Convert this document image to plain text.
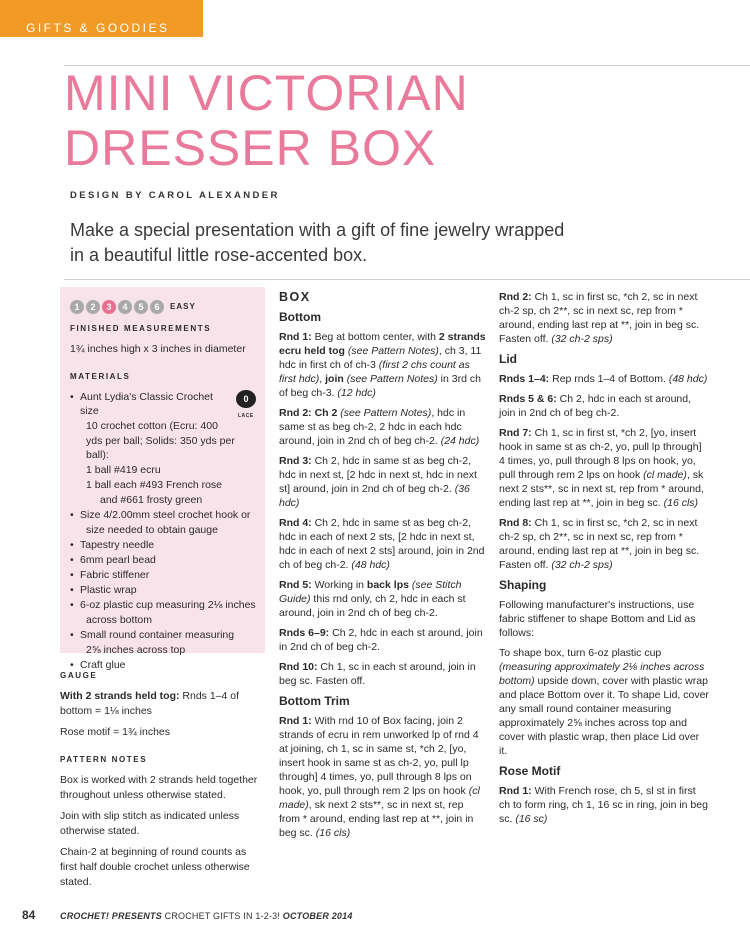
GIFTS & GOODIES
MINI VICTORIAN
DRESSER BOX
DESIGN BY CAROL ALEXANDER
Make a special presentation with a gift of fine jewelry wrapped
in a beautiful little rose-accented box.
1	2	3	4	5	6	EASY
FINISHED MEASUREMENTS
1¾ inches high x 3 inches in diameter
MATERIALS
0
LACE
• Aunt Lydia's Classic Crochet size
10 crochet cotton (Ecru: 400
yds per ball; Solids: 350 yds per ball):
1 ball #419 ecru
1 ball each #493 French rose
and #661 frosty green
• Size 4/2.00mm steel crochet hook or
size needed to obtain gauge
• Tapestry needle
• 6mm pearl bead
• Fabric stiffener
• Plastic wrap
• 6-oz plastic cup measuring 2⅛ inches
across bottom
• Small round container measuring
2⅝ inches across top
• Craft glue
GAUGE

With 2 strands held tog: Rnds 1–4 of bottom = 1⅛ inches

Rose motif = 1¾ inches

PATTERN NOTES

Box is worked with 2 strands held together throughout unless otherwise stated.

Join with slip stitch as indicated unless otherwise stated.

Chain-2 at beginning of round counts as first half double crochet unless otherwise stated.

BOX
Bottom

Rnd 1: Beg at bottom center, with 2 strands ecru held tog (see Pattern Notes), ch 3, 11 hdc in first ch of ch-3 (first 2 chs count as first hdc), join (see Pattern Notes) in 3rd ch of beg ch-3. (12 hdc)

Rnd 2: Ch 2 (see Pattern Notes), hdc in same st as beg ch-2, 2 hdc in each hdc around, join in 2nd ch of beg ch-2. (24 hdc)

Rnd 3: Ch 2, hdc in same st as beg ch-2, hdc in next st, [2 hdc in next st, hdc in next st] around, join in 2nd ch of beg ch-2. (36 hdc)

Rnd 4: Ch 2, hdc in same st as beg ch-2, hdc in each of next 2 sts, [2 hdc in next st, hdc in each of next 2 sts] around, join in 2nd ch of beg ch-2. (48 hdc)

Rnd 5: Working in back lps (see Stitch Guide) this rnd only, ch 2, hdc in each st around, join in 2nd ch of beg ch-2.

Rnds 6–9: Ch 2, hdc in each st around, join in 2nd ch of beg ch-2.

Rnd 10: Ch 1, sc in each st around, join in beg sc. Fasten off.

Bottom Trim

Rnd 1: With rnd 10 of Box facing, join 2 strands of ecru in rem unworked lp of rnd 4 at joining, ch 1, sc in same st, *ch 2, [yo, insert hook in same st as ch-2, yo, pull lp through] 4 times, yo, pull through 8 lps on hook, yo, pull through rem 2 lps on hook (cl made), sk next 2 sts**, sc in next st, rep from * around, ending last rep at **, join in beg sc. (16 cls)

Rnd 2: Ch 1, sc in first sc, *ch 2, sc in next ch-2 sp, ch 2**, sc in next sc, rep from * around, ending last rep at **, join in beg sc. Fasten off. (32 ch-2 sps)

Lid

Rnds 1–4: Rep rnds 1–4 of Bottom. (48 hdc)

Rnds 5 & 6: Ch 2, hdc in each st around, join in 2nd ch of beg ch-2.

Rnd 7: Ch 1, sc in first st, *ch 2, [yo, insert hook in same st as ch-2, yo, pull lp through] 4 times, yo, pull through 8 lps on hook, yo, pull through rem 2 lps on hook (cl made), sk next 2 sts**, sc in next st, rep from * around, ending last rep at **, join in beg sc. (16 cls)

Rnd 8: Ch 1, sc in first sc, *ch 2, sc in next ch-2 sp, ch 2**, sc in next sc, rep from * around, ending last rep at **, join in beg sc. Fasten off. (32 ch-2 sps)

Shaping

Following manufacturer's instructions, use fabric stiffener to shape Bottom and Lid as follows:

To shape box, turn 6-oz plastic cup (measuring approximately 2⅛ inches across bottom) upside down, cover with plastic wrap and place Bottom over it. To shape Lid, cover any small round container measuring approximately 2⅝ inches across top and cover with plastic wrap, then place Lid over it.

Rose Motif

Rnd 1: With French rose, ch 5, sl st in first ch to form ring, ch 1, 16 sc in ring, join in beg sc. (16 sc)

84	CROCHET! PRESENTS CROCHET GIFTS IN 1-2-3! OCTOBER 2014
